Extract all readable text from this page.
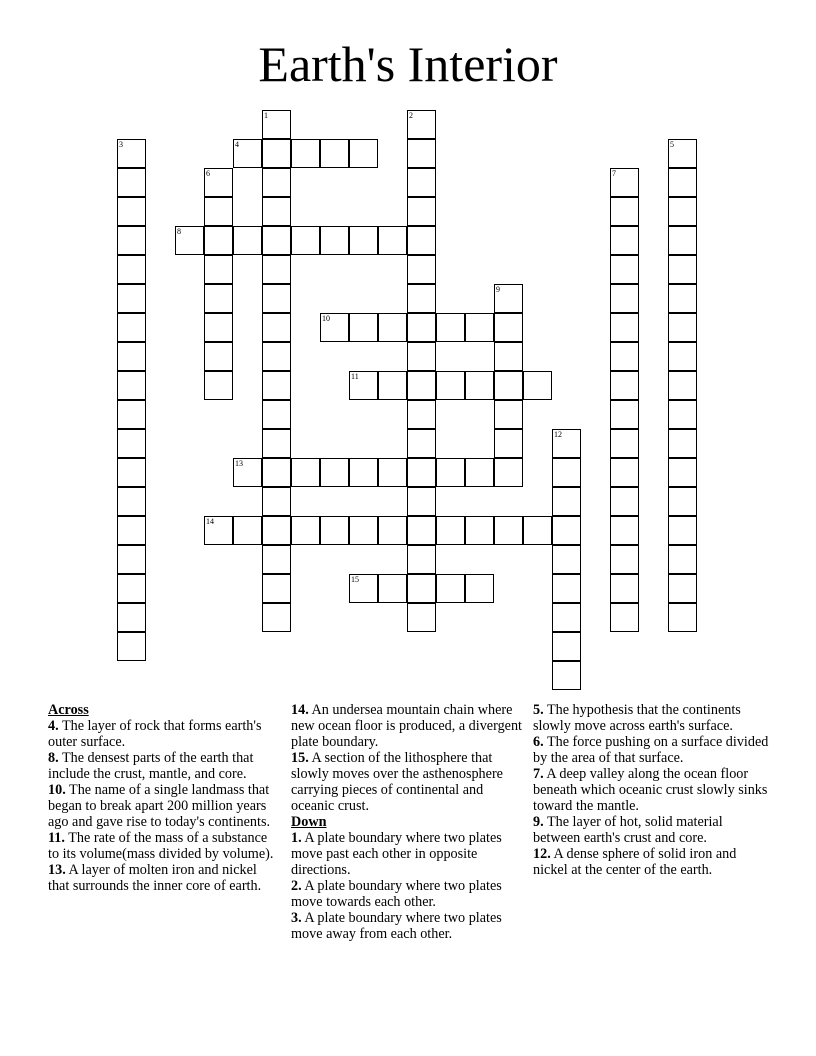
Earth's Interior
1	2
3	4	5
6	7
8
9
10
11
12
13
14
15
Across
4. The layer of rock that forms earth's outer surface.
8. The densest parts of the earth that include the crust, mantle, and core.
10. The name of a single landmass that began to break apart 200 million years ago and gave rise to today's continents.
11. The rate of the mass of a substance to its volume(mass divided by volume).
13. A layer of molten iron and nickel that surrounds the inner core of earth.
14. An undersea mountain chain where new ocean floor is produced, a divergent plate boundary.
15. A section of the lithosphere that slowly moves over the asthenosphere carrying pieces of continental and oceanic crust.
Down
1. A plate boundary where two plates move past each other in opposite directions.
2. A plate boundary where two plates move towards each other.
3. A plate boundary where two plates move away from each other.
5. The hypothesis that the continents slowly move across earth's surface.
6. The force pushing on a surface divided by the area of that surface.
7. A deep valley along the ocean floor beneath which oceanic crust slowly sinks toward the mantle.
9. The layer of hot, solid material between earth's crust and core.
12. A dense sphere of solid iron and nickel at the center of the earth.
